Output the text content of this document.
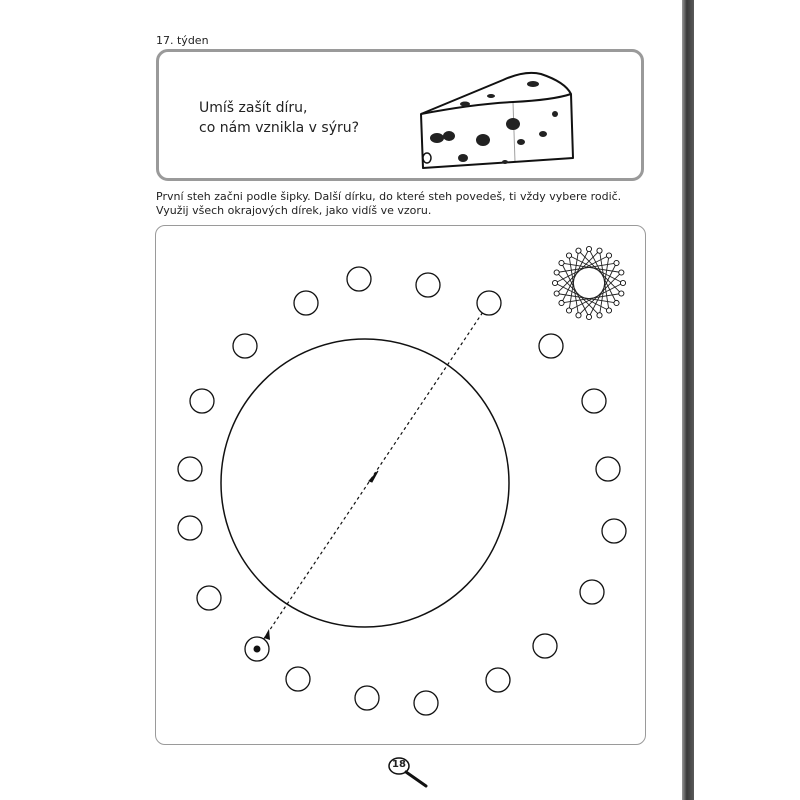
17. týden
Umíš zašít díru,
co nám vznikla v sýru?
První steh začni podle šipky. Další dírku, do které steh povedeš, ti vždy vybere rodič. Využij všech okrajových dírek, jako vidíš ve vzoru.
18
